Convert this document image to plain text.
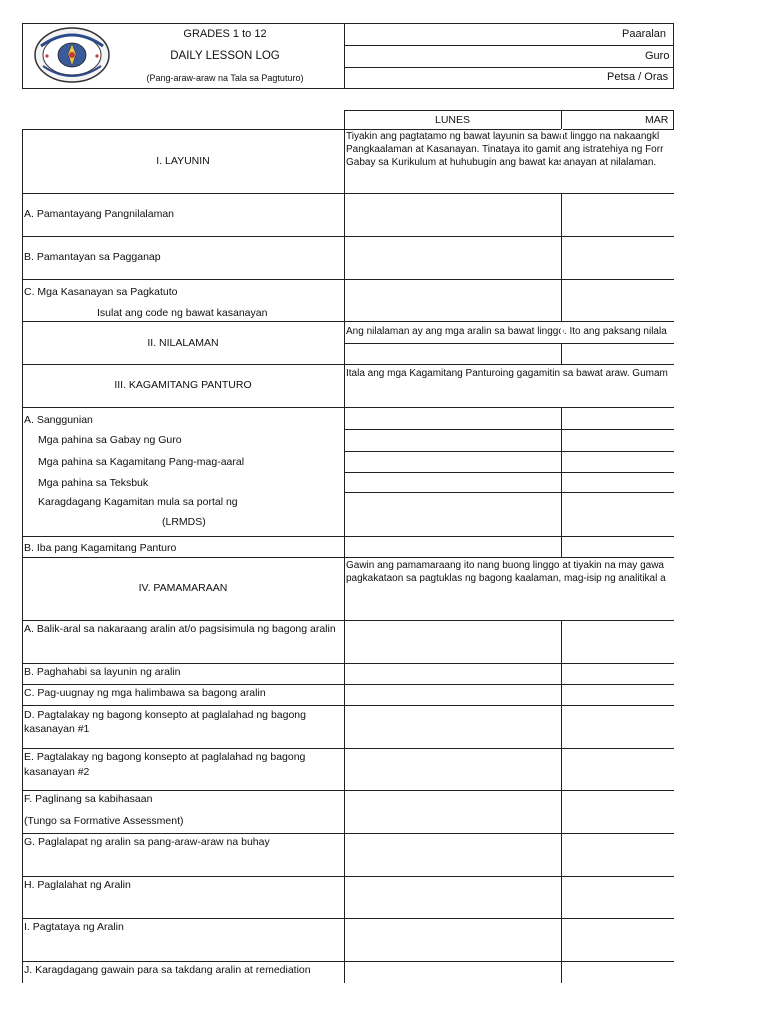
GRADES 1 to 12
DAILY LESSON LOG
(Pang-araw-araw na Tala sa Pagtuturo)
Paaralan
Guro
Petsa / Oras
LUNES	MAR
I. LAYUNIN
Tiyakin ang pagtatamo ng bawat layunin sa bawat linggo na nakaangkl
Pangkaalaman at Kasanayan. Tinataya ito gamit ang istratehiya ng Forr
Gabay sa Kurikulum at huhubugin ang bawat kasanayan at nilalaman.
A. Pamantayang Pangnilalaman
B. Pamantayan sa Pagganap
C. Mga Kasanayan sa Pagkatuto
Isulat ang code ng bawat kasanayan
II. NILALAMAN
Ang nilalaman ay ang mga aralin sa bawat linggo. Ito ang paksang nilala
III. KAGAMITANG PANTURO
Itala ang mga Kagamitang Panturoing gagamitin sa bawat araw. Gumam
A. Sanggunian
Mga pahina sa Gabay ng Guro
Mga pahina sa Kagamitang Pang-mag-aaral
Mga pahina sa Teksbuk
Karagdagang Kagamitan mula sa portal ng
(LRMDS)
B. Iba pang Kagamitang Panturo
IV. PAMAMARAAN
Gawin ang pamamaraang ito nang buong linggo at tiyakin na may gawa
pagkakataon sa pagtuklas ng bagong kaalaman, mag-isip ng analitikal a
A. Balik-aral sa nakaraang aralin at/o pagsisimula ng bagong aralin
B. Paghahabi sa layunin ng aralin
C. Pag-uugnay ng mga halimbawa sa bagong aralin
D. Pagtalakay ng bagong konsepto at paglalahad ng bagong
kasanayan #1
E. Pagtalakay ng bagong konsepto at paglalahad ng bagong
kasanayan #2
F. Paglinang sa kabihasaan
(Tungo sa Formative Assessment)
G. Paglalapat ng aralin sa pang-araw-araw na buhay
H. Paglalahat ng Aralin
I. Pagtataya ng Aralin
J. Karagdagang gawain para sa takdang aralin at remediation
